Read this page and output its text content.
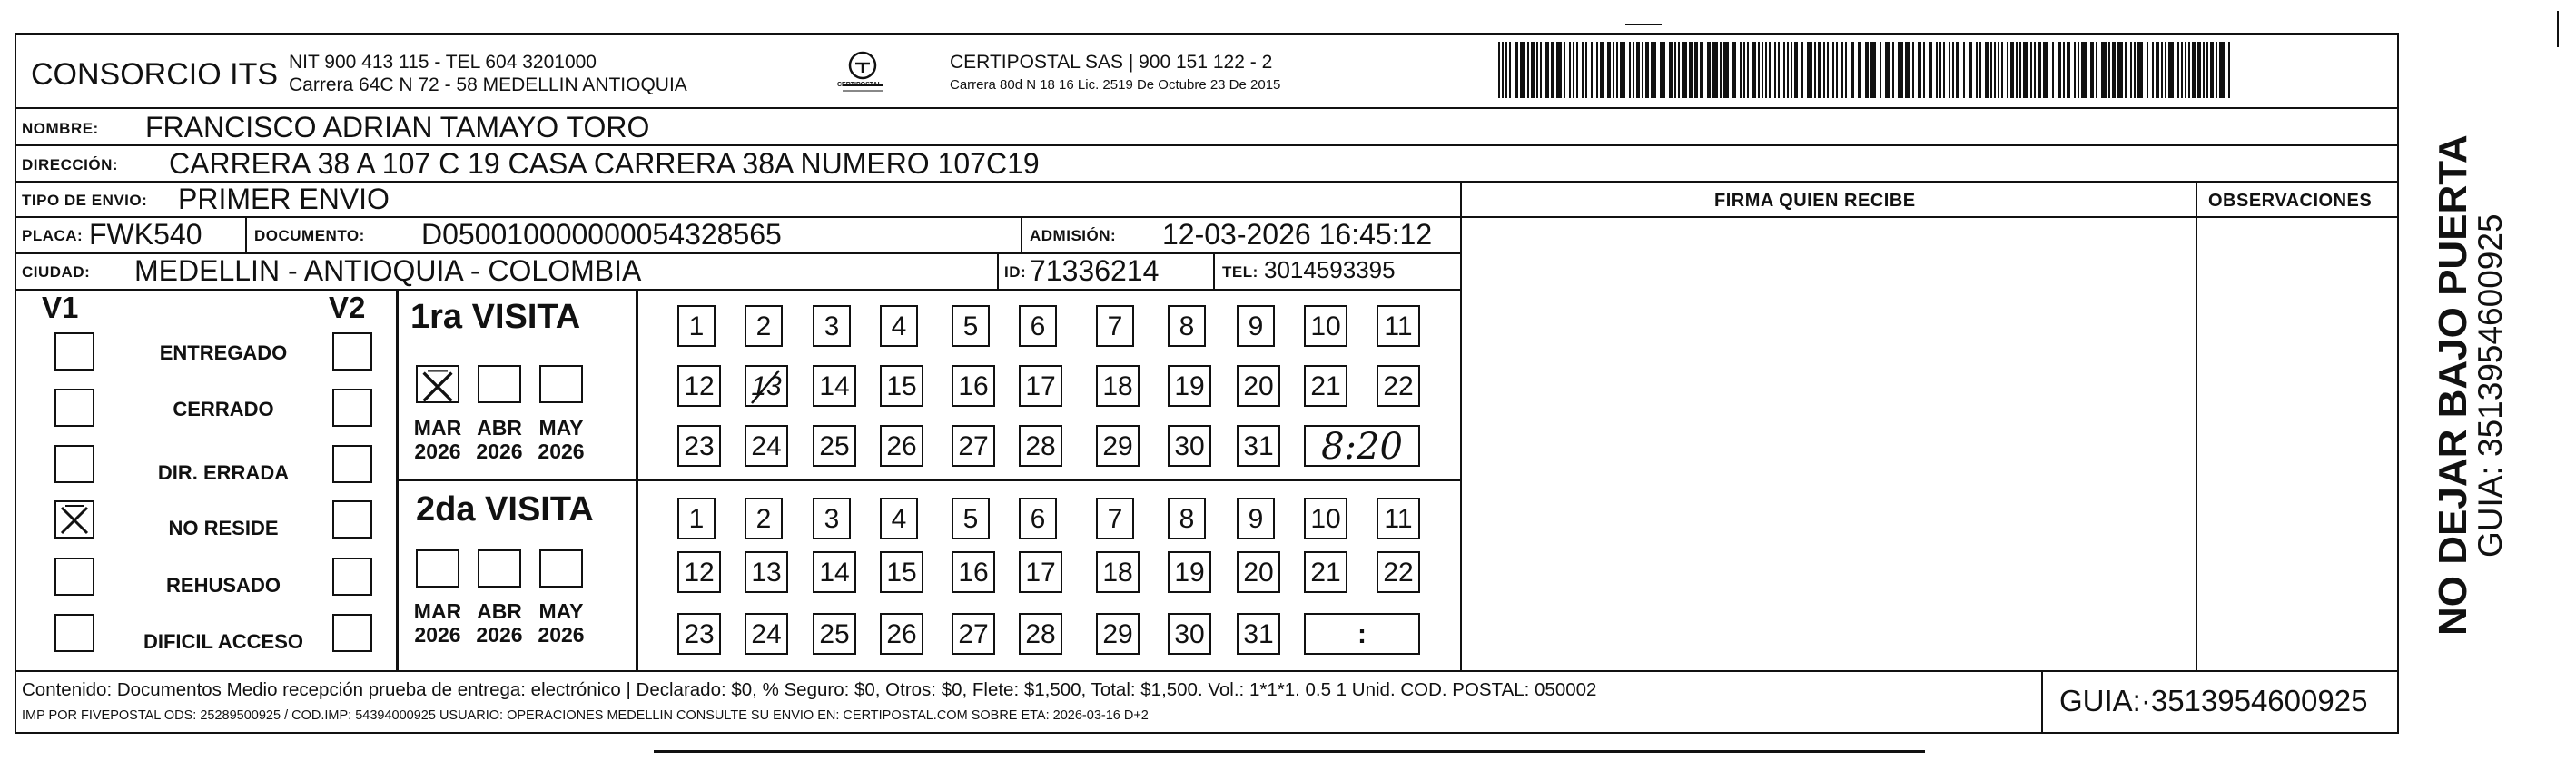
CONSORCIO ITS NIT 900 413 115 - TEL 604 3201000
Carrera 64C N 72 - 58 MEDELLIN ANTIOQUIA	CERTIPOSTAL
CERTIPOSTAL SAS | 900 151 122 - 2
Carrera 80d N 18 16 Lic. 2519 De Octubre 23 De 2015
NOMBRE: FRANCISCO ADRIAN TAMAYO TORO
DIRECCIÓN: CARRERA 38 A 107 C 19 CASA CARRERA 38A NUMERO 107C19
TIPO DE ENVIO: PRIMER ENVIO	FIRMA QUIEN RECIBE	OBSERVACIONES
PLACA: FWK540	DOCUMENTO: D050010000000054328565	ADMISIÓN: 12-03-2026 16:45:12
CIUDAD: MEDELLIN - ANTIOQUIA - COLOMBIA	ID: 71336214	TEL: 3014593395
V1	V2
ENTREGADO
CERRADO
DIR. ERRADA
NO RESIDE
REHUSADO
DIFICIL ACCESO
1ra VISITA
2da VISITA
MAR
2026
ABR
2026
MAY
2026
MAR
2026
ABR
2026
MAY
2026
1	2	3	4	5	6	7	8	9	10 11
12 13 14 15 16 17 18 19 20 21 22
23 24 25 26 27 28 29 30 31	8:20
1	2	3	4	5	6	7	8	9	10 11
12 13 14 15 16 17 18 19 20 21 22
23 24 25 26 27 28 29 30 31	:
Contenido: Documentos Medio recepción prueba de entrega: electrónico | Declarado: $0, % Seguro: $0, Otros: $0, Flete: $1,500, Total: $1,500. Vol.: 1*1*1. 0.5 1 Unid. COD. POSTAL: 050002
IMP POR FIVEPOSTAL ODS: 25289500925 / COD.IMP: 54394000925 USUARIO: OPERACIONES MEDELLIN CONSULTE SU ENVIO EN: CERTIPOSTAL.COM SOBRE ETA: 2026-03-16 D+2	GUIA:·3513954600925
NO DEJAR BAJO PUERTA
GUIA: 3513954600925
